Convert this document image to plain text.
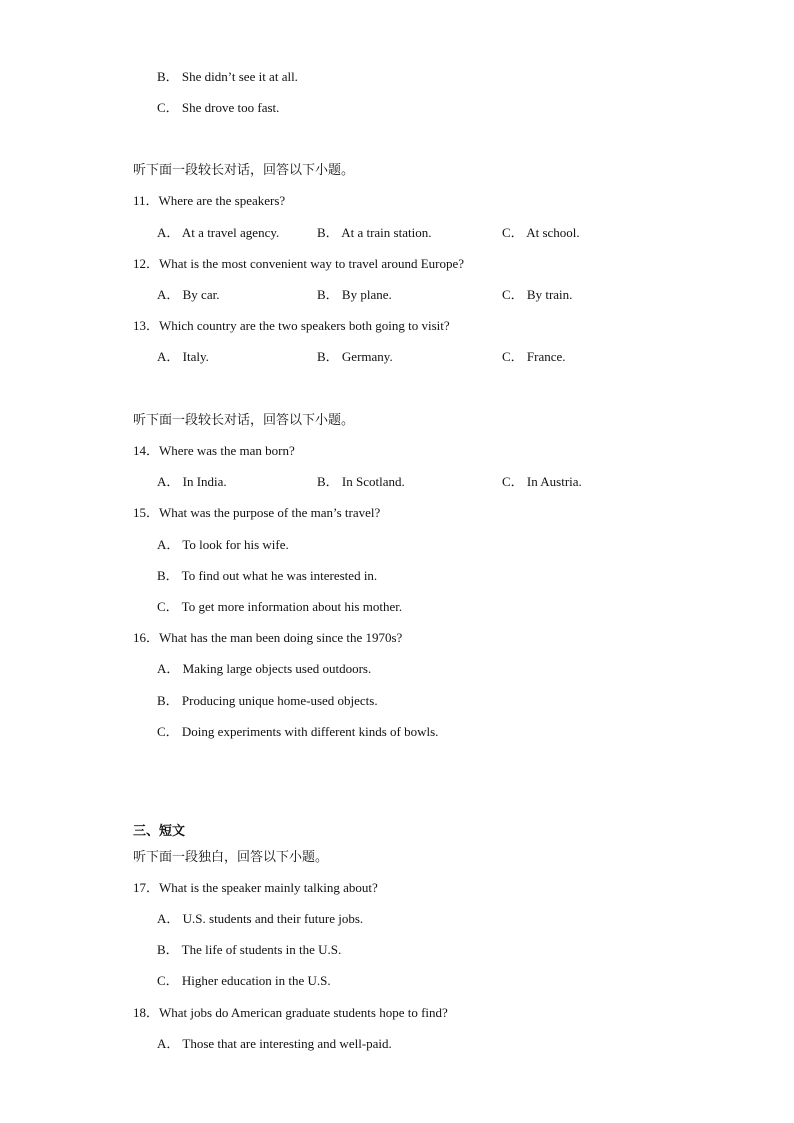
B． She didn’t see it at all.
C． She drove too fast.
听下面一段较长对话，回答以下小题。
11．Where are the speakers?
A． At a travel agency.	B． At a train station.	C． At school.
12．What is the most convenient way to travel around Europe?
A． By car.	B． By plane.	C． By train.
13．Which country are the two speakers both going to visit?
A． Italy.	B． Germany.	C． France.
听下面一段较长对话，回答以下小题。
14．Where was the man born?
A． In India.	B． In Scotland.	C． In Austria.
15．What was the purpose of the man’s travel?
A． To look for his wife.
B． To find out what he was interested in.
C． To get more information about his mother.
16．What has the man been doing since the 1970s?
A． Making large objects used outdoors.
B． Producing unique home-used objects.
C． Doing experiments with different kinds of bowls.
三、短文
听下面一段独白，回答以下小题。
17．What is the speaker mainly talking about?
A． U.S. students and their future jobs.
B． The life of students in the U.S.
C． Higher education in the U.S.
18．What jobs do American graduate students hope to find?
A． Those that are interesting and well-paid.
